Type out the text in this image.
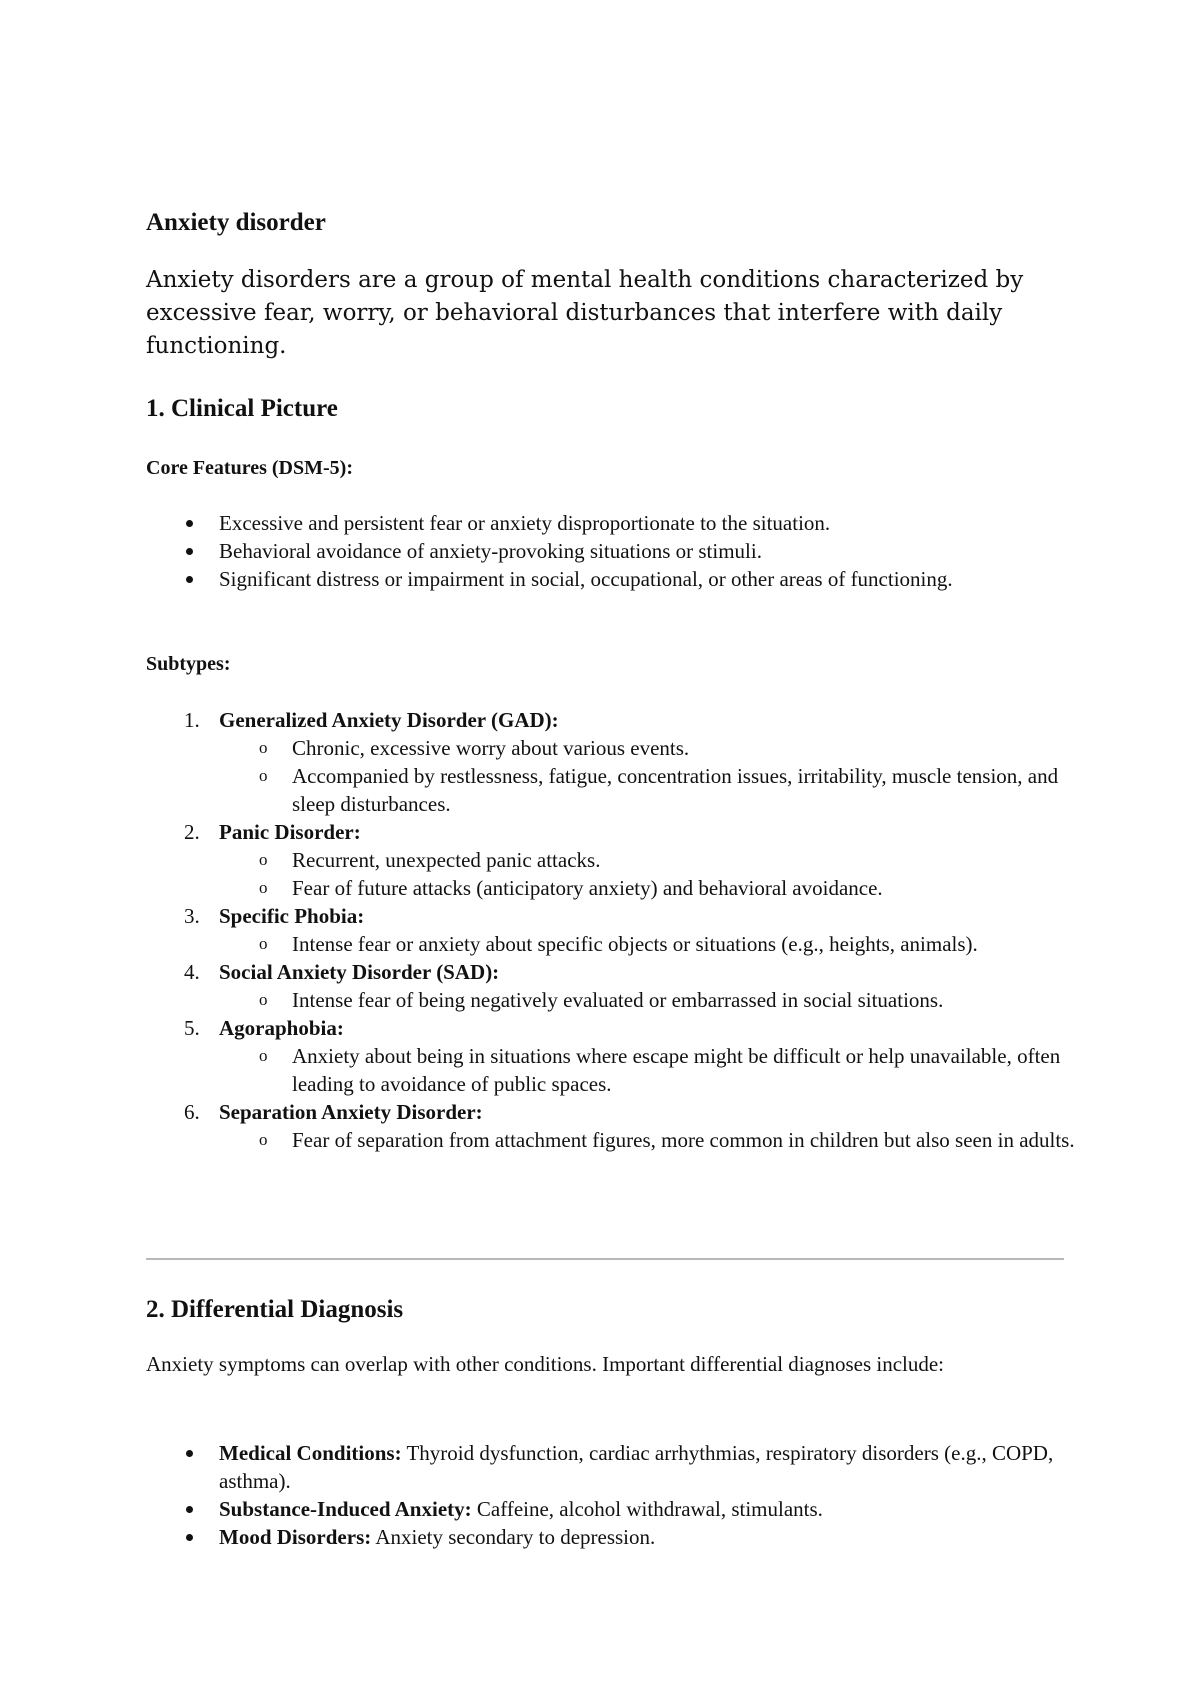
Anxiety disorder

Anxiety disorders are a group of mental health conditions characterized by excessive fear, worry, or behavioral disturbances that interfere with daily functioning.

1. Clinical Picture
Core Features (DSM-5):
Excessive and persistent fear or anxiety disproportionate to the situation.
Behavioral avoidance of anxiety-provoking situations or stimuli.
Significant distress or impairment in social, occupational, or other areas of functioning.
Subtypes:
1. Generalized Anxiety Disorder (GAD):
o Chronic, excessive worry about various events.
o Accompanied by restlessness, fatigue, concentration issues, irritability, muscle tension, and sleep disturbances.
2. Panic Disorder:
o Recurrent, unexpected panic attacks.
o Fear of future attacks (anticipatory anxiety) and behavioral avoidance.
3. Specific Phobia:
o Intense fear or anxiety about specific objects or situations (e.g., heights, animals).
4. Social Anxiety Disorder (SAD):
o Intense fear of being negatively evaluated or embarrassed in social situations.
5. Agoraphobia:
o Anxiety about being in situations where escape might be difficult or help unavailable, often leading to avoidance of public spaces.
6. Separation Anxiety Disorder:
o Fear of separation from attachment figures, more common in children but also seen in adults.
2. Differential Diagnosis

Anxiety symptoms can overlap with other conditions. Important differential diagnoses include:

Medical Conditions: Thyroid dysfunction, cardiac arrhythmias, respiratory disorders (e.g., COPD, asthma).
Substance-Induced Anxiety: Caffeine, alcohol withdrawal, stimulants.
Mood Disorders: Anxiety secondary to depression.
